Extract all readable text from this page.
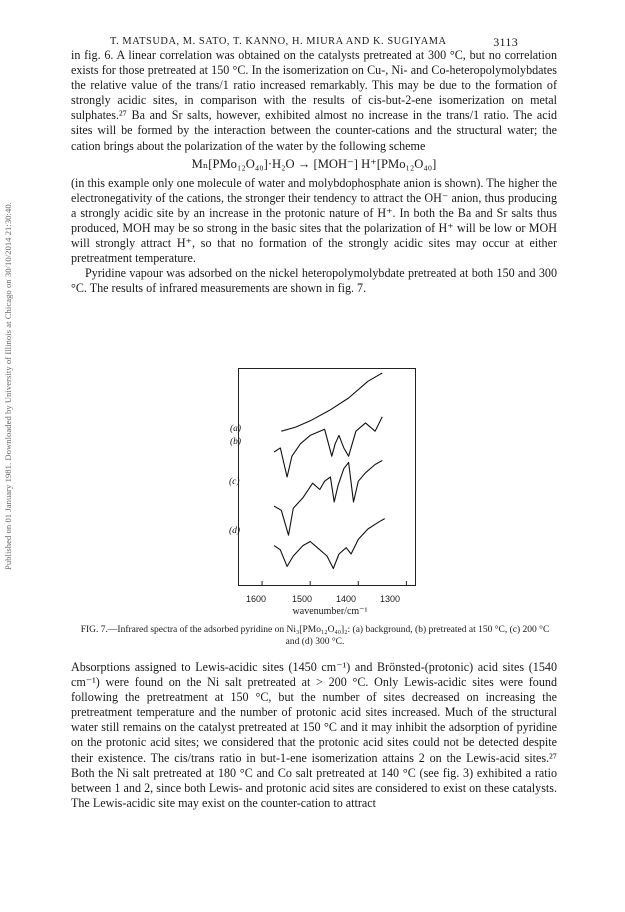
Published on 01 January 1981. Downloaded by University of Illinois at Chicago on 30/10/2014 21:30:40.
T. MATSUDA, M. SATO, T. KANNO, H. MIURA AND K. SUGIYAMA	3113

in fig. 6. A linear correlation was obtained on the catalysts pretreated at 300 °C, but no correlation exists for those pretreated at 150 °C. In the isomerization on Cu-, Ni- and Co-heteropolymolybdates the relative value of the trans/1 ratio increased remarkably. This may be due to the formation of strongly acidic sites, in comparison with the results of cis-but-2-ene isomerization on metal sulphates.²⁷ Ba and Sr salts, however, exhibited almost no increase in the trans/1 ratio. The acid sites will be formed by the interaction between the counter-cations and the structural water; the cation brings about the polarization of the water by the following scheme

Mₙ[PMo₁₂O₄₀]·H₂O → [MOH⁻] H⁺[PMo₁₂O₄₀]

(in this example only one molecule of water and molybdophosphate anion is shown). The higher the electronegativity of the cations, the stronger their tendency to attract the OH⁻ anion, thus producing a strongly acidic site by an increase in the protonic nature of H⁺. In both the Ba and Sr salts thus produced, MOH may be so strong in the basic sites that the polarization of H⁺ will be low or MOH will strongly attract H⁺, so that no formation of the strongly acidic sites may occur at either pretreatment temperature.

Pyridine vapour was adsorbed on the nickel heteropolymolybdate pretreated at both 150 and 300 °C. The results of infrared measurements are shown in fig. 7.

(a)
(b)
(c)
(d)
1600	1500	1400	1300
wavenumber/cm⁻¹
FIG. 7.—Infrared spectra of the adsorbed pyridine on Ni₃[PMo₁₂O₄₀]₂: (a) background, (b) pretreated at 150 °C, (c) 200 °C and (d) 300 °C.

Absorptions assigned to Lewis-acidic sites (1450 cm⁻¹) and Brönsted-(protonic) acid sites (1540 cm⁻¹) were found on the Ni salt pretreated at > 200 °C. Only Lewis-acidic sites were found following the pretreatment at 150 °C, but the number of sites decreased on increasing the pretreatment temperature and the number of protonic acid sites increased. Much of the structural water still remains on the catalyst pretreated at 150 °C and it may inhibit the adsorption of pyridine on the protonic acid sites; we considered that the protonic acid sites could not be detected despite their existence. The cis/trans ratio in but-1-ene isomerization attains 2 on the Lewis-acid sites.²⁷ Both the Ni salt pretreated at 180 °C and Co salt pretreated at 140 °C (see fig. 3) exhibited a ratio between 1 and 2, since both Lewis- and protonic acid sites are considered to exist on these catalysts. The Lewis-acidic site may exist on the counter-cation to attract
